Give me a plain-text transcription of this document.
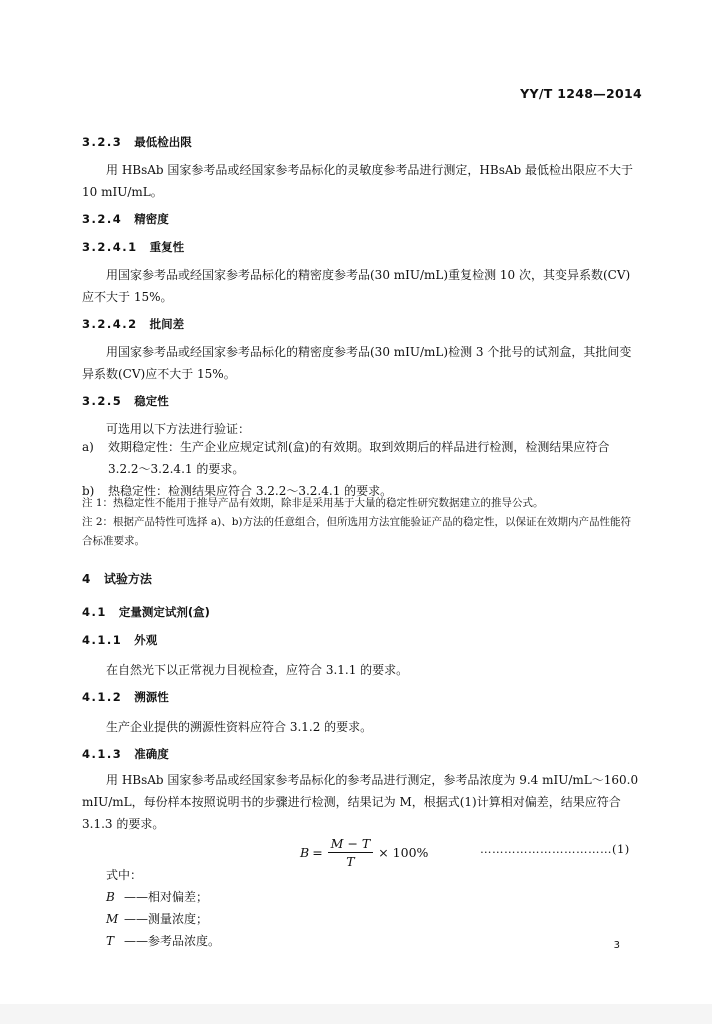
YY/T 1248—2014
3.2.3 最低检出限
用 HBsAb 国家参考品或经国家参考品标化的灵敏度参考品进行测定，HBsAb 最低检出限应不大于 10 mIU/mL。
3.2.4 精密度
3.2.4.1 重复性
用国家参考品或经国家参考品标化的精密度参考品(30 mIU/mL)重复检测 10 次，其变异系数(CV)应不大于 15%。
3.2.4.2 批间差
用国家参考品或经国家参考品标化的精密度参考品(30 mIU/mL)检测 3 个批号的试剂盒，其批间变异系数(CV)应不大于 15%。
3.2.5 稳定性
可选用以下方法进行验证：
a)	效期稳定性：生产企业应规定试剂(盒)的有效期。取到效期后的样品进行检测，检测结果应符合 3.2.2～3.2.4.1 的要求。
b)	热稳定性：检测结果应符合 3.2.2～3.2.4.1 的要求。
注 1：热稳定性不能用于推导产品有效期，除非是采用基于大量的稳定性研究数据建立的推导公式。
注 2：根据产品特性可选择 a)、b)方法的任意组合，但所选用方法宜能验证产品的稳定性，以保证在效期内产品性能符合标准要求。
4 试验方法
4.1 定量测定试剂(盒)
4.1.1 外观
在自然光下以正常视力目视检查，应符合 3.1.1 的要求。
4.1.2 溯源性
生产企业提供的溯源性资料应符合 3.1.2 的要求。
4.1.3 准确度
用 HBsAb 国家参考品或经国家参考品标化的参考品进行测定，参考品浓度为 9.4 mIU/mL～160.0 mIU/mL，每份样本按照说明书的步骤进行检测，结果记为 M，根据式(1)计算相对偏差，结果应符合 3.1.3 的要求。
$B = \frac{M - T}{T} \times 100\%$	……………………………(1)
式中：
B ——相对偏差；
M ——测量浓度；
T ——参考品浓度。	3
